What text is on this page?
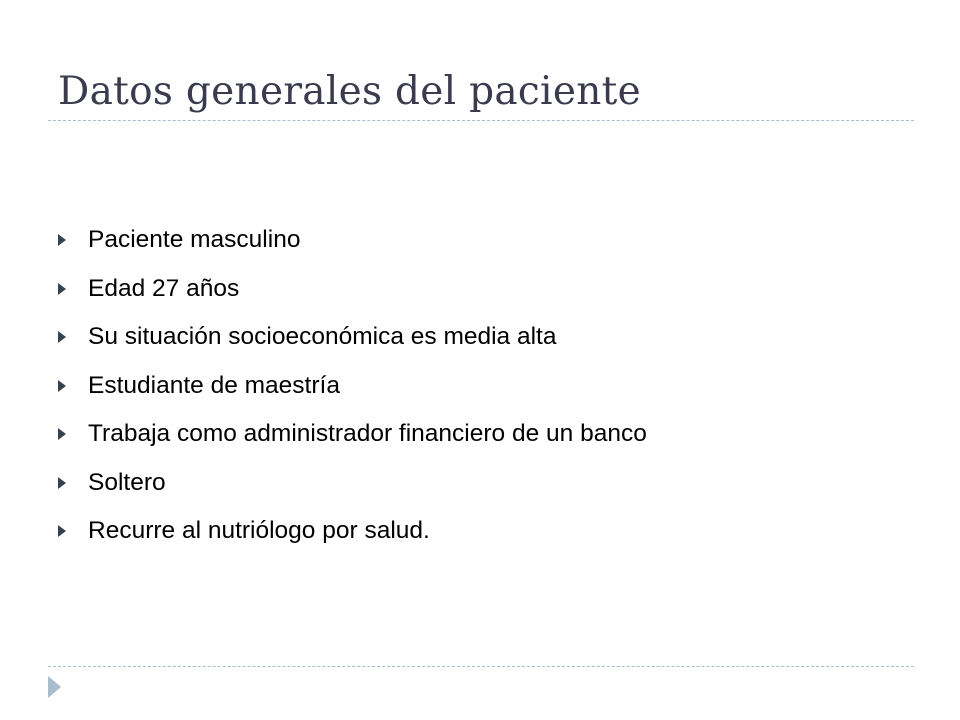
Datos generales del paciente
Paciente masculino
Edad 27 años
Su situación socioeconómica es media alta
Estudiante de maestría
Trabaja como administrador financiero de un banco
Soltero
Recurre al nutriólogo por salud.
